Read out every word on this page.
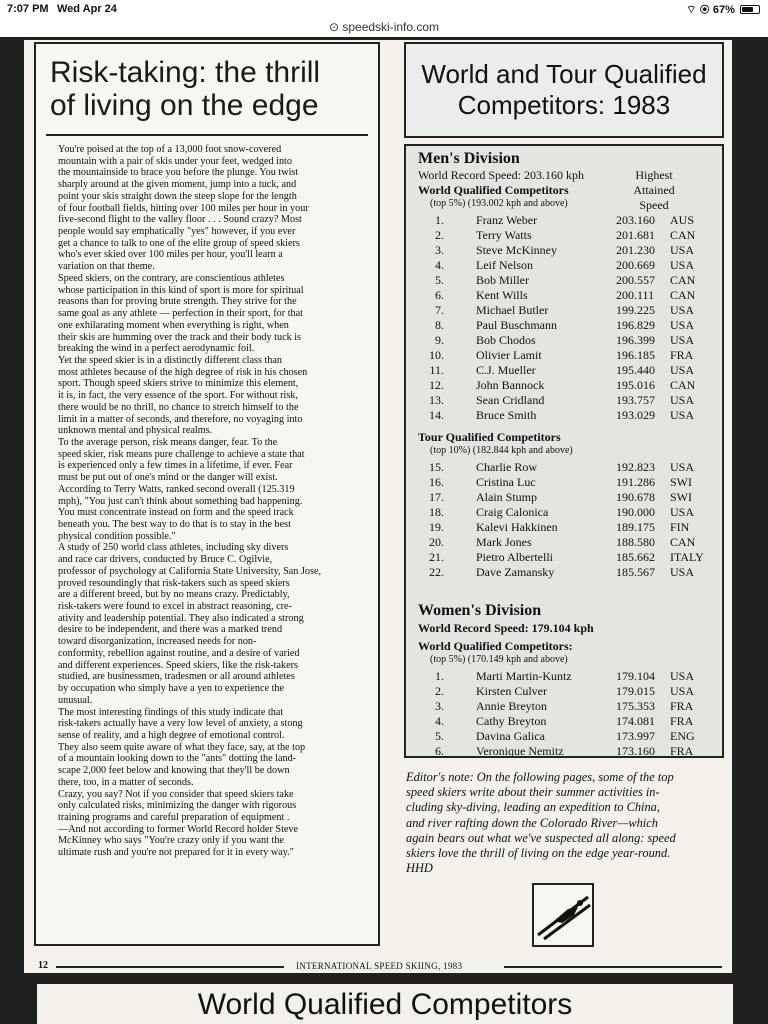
7:07 PM Wed Apr 24	⌔ ◉ 67%
⊙ speedski-info.com
Risk-taking: the thrill
of living on the edge
You're poised at the top of a 13,000 foot snow-covered
mountain with a pair of skis under your feet, wedged into
the mountainside to brace you before the plunge. You twist
sharply around at the given moment, jump into a tuck, and
point your skis straight down the steep slope for the length
of four football fields, hitting over 100 miles per hour in your
five-second flight to the valley floor . . . Sound crazy? Most
people would say emphatically "yes" however, if you ever
get a chance to talk to one of the elite group of speed skiers
who's ever skied over 100 miles per hour, you'll learn a
variation on that theme.
Speed skiers, on the contrary, are conscientious athletes
whose participation in this kind of sport is more for spiritual
reasons than for proving brute strength. They strive for the
same goal as any athlete — perfection in their sport, for that
one exhilarating moment when everything is right, when
their skis are humming over the track and their body tuck is
breaking the wind in a perfect aerodynamic foil.
Yet the speed skier is in a distinctly different class than
most athletes because of the high degree of risk in his chosen
sport. Though speed skiers strive to minimize this element,
it is, in fact, the very essence of the sport. For without risk,
there would be no thrill, no chance to stretch himself to the
limit in a matter of seconds, and therefore, no voyaging into
unknown mental and physical realms.
To the average person, risk means danger, fear. To the
speed skier, risk means pure challenge to achieve a state that
is experienced only a few times in a lifetime, if ever. Fear
must be put out of one's mind or the danger will exist.
According to Terry Watts, ranked second overall (125.319
mph), "You just can't think about something bad happening.
You must concentrate instead on form and the speed track
beneath you. The best way to do that is to stay in the best
physical condition possible."
A study of 250 world class athletes, including sky divers
and race car drivers, conducted by Bruce C. Ogilvie,
professor of psychology at California State University, San Jose,
proved resoundingly that risk-takers such as speed skiers
are a different breed, but by no means crazy. Predictably,
risk-takers were found to excel in abstract reasoning, cre-
ativity and leadership potential. They also indicated a strong
desire to be independent, and there was a marked trend
toward disorganization, increased needs for non-
conformity, rebellion against routine, and a desire of varied
and different experiences. Speed skiers, like the risk-takers
studied, are businessmen, tradesmen or all around athletes
by occupation who simply have a yen to experience the
unusual.
The most interesting findings of this study indicate that
risk-takers actually have a very low level of anxiety, a stong
sense of reality, and a high degree of emotional control.
They also seem quite aware of what they face, say, at the top
of a mountain looking down to the "ants" dotting the land-
scape 2,000 feet below and knowing that they'll be down
there, too, in a matter of seconds.
Crazy, you say? Not if you consider that speed skiers take
only calculated risks, minimizing the danger with rigorous
training programs and careful preparation of equipment .
—And not according to former World Record holder Steve
McKinney who says "You're crazy only if you want the
ultimate rush and you're not prepared for it in every way."
World and Tour Qualified
Competitors: 1983
Men's Division
World Record Speed: 203.160 kph	Highest
Attained
Speed
World Qualified Competitors
(top 5%) (193.002 kph and above)
1.	Franz Weber	203.160 AUS
2.	Terry Watts	201.681 CAN
3.	Steve McKinney	201.230 USA
4.	Leif Nelson	200.669 USA
5.	Bob Miller	200.557 CAN
6.	Kent Wills	200.111 CAN
7.	Michael Butler	199.225 USA
8.	Paul Buschmann	196.829 USA
9.	Bob Chodos	196.399 USA
10.	Olivier Lamit	196.185 FRA
11.	C.J. Mueller	195.440 USA
12.	John Bannock	195.016 CAN
13.	Sean Cridland	193.757 USA
14.	Bruce Smith	193.029 USA
Tour Qualified Competitors
(top 10%) (182.844 kph and above)
15.	Charlie Row	192.823 USA
16.	Cristina Luc	191.286 SWI
17.	Alain Stump	190.678 SWI
18.	Craig Calonica	190.000 USA
19.	Kalevi Hakkinen	189.175 FIN
20.	Mark Jones	188.580 CAN
21.	Pietro Albertelli	185.662 ITALY
22.	Dave Zamansky	185.567 USA
Women's Division
World Record Speed: 179.104 kph
World Qualified Competitors:
(top 5%) (170.149 kph and above)
1.	Marti Martin-Kuntz	179.104 USA
2.	Kirsten Culver	179.015 USA
3.	Annie Breyton	175.353 FRA
4.	Cathy Breyton	174.081 FRA
5.	Davina Galica	173.997 ENG
6.	Veronique Nemitz	173.160 FRA
Editor's note: On the following pages, some of the top
speed skiers write about their summer activities in-
cluding sky-diving, leading an expedition to China,
and river rafting down the Colorado River—which
again bears out what we've suspected all along: speed
skiers love the thrill of living on the edge year-round.
HHD
12	INTERNATIONAL SPEED SKIING, 1983
World Qualified Competitors
